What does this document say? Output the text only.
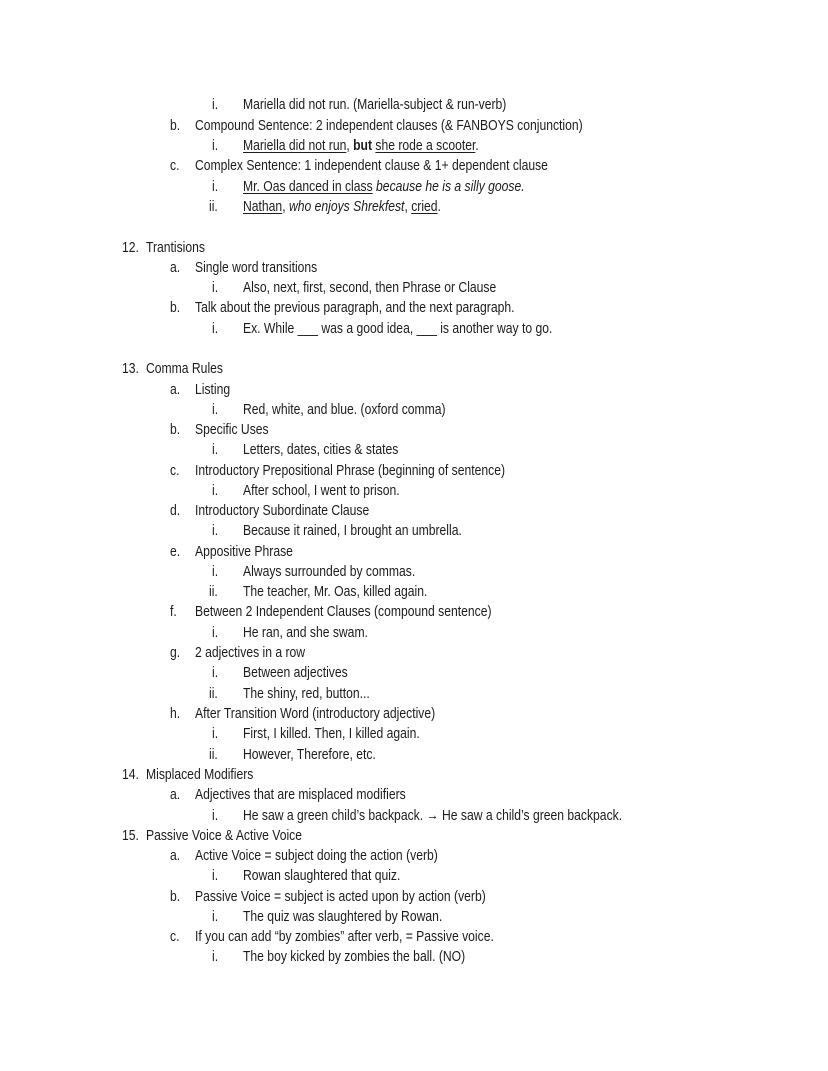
i. Mariella did not run. (Mariella-subject & run-verb)
b. Compound Sentence: 2 independent clauses (& FANBOYS conjunction)
i. Mariella did not run, but she rode a scooter.
c. Complex Sentence: 1 independent clause & 1+ dependent clause
i. Mr. Oas danced in class because he is a silly goose.
ii. Nathan, who enjoys Shrekfest, cried.
12. Trantisions
a. Single word transitions
i. Also, next, first, second, then Phrase or Clause
b. Talk about the previous paragraph, and the next paragraph.
i. Ex. While ___ was a good idea, ___ is another way to go.
13. Comma Rules
a. Listing
i. Red, white, and blue. (oxford comma)
b. Specific Uses
i. Letters, dates, cities & states
c. Introductory Prepositional Phrase (beginning of sentence)
i. After school, I went to prison.
d. Introductory Subordinate Clause
i. Because it rained, I brought an umbrella.
e. Appositive Phrase
i. Always surrounded by commas.
ii. The teacher, Mr. Oas, killed again.
f. Between 2 Independent Clauses (compound sentence)
i. He ran, and she swam.
g. 2 adjectives in a row
i. Between adjectives
ii. The shiny, red, button...
h. After Transition Word (introductory adjective)
i. First, I killed. Then, I killed again.
ii. However, Therefore, etc.
14. Misplaced Modifiers
a. Adjectives that are misplaced modifiers
i. He saw a green child’s backpack. → He saw a child’s green backpack.
15. Passive Voice & Active Voice
a. Active Voice = subject doing the action (verb)
i. Rowan slaughtered that quiz.
b. Passive Voice = subject is acted upon by action (verb)
i. The quiz was slaughtered by Rowan.
c. If you can add “by zombies” after verb, = Passive voice.
i. The boy kicked by zombies the ball. (NO)
